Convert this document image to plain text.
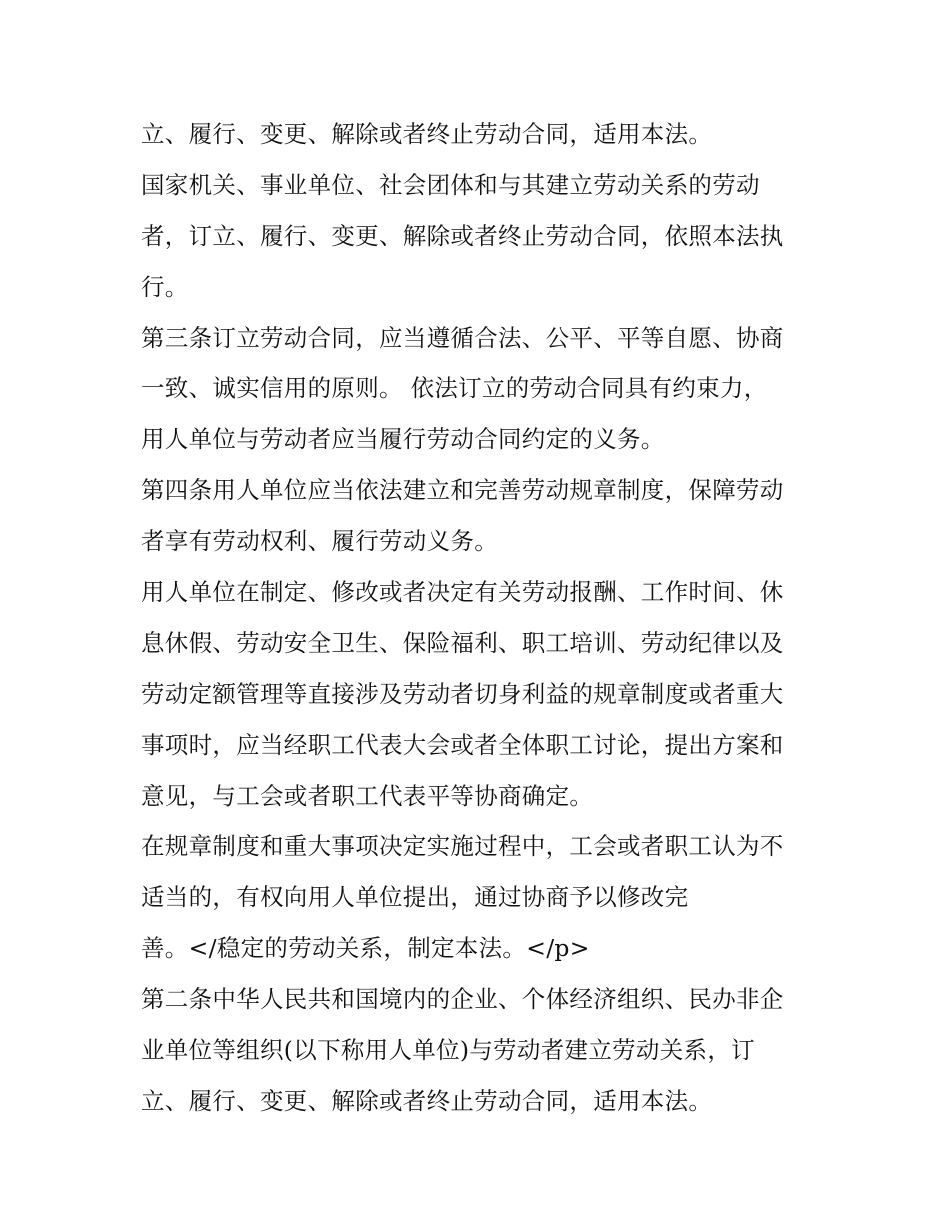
立、履行、变更、解除或者终止劳动合同，适用本法。
国家机关、事业单位、社会团体和与其建立劳动关系的劳动
者，订立、履行、变更、解除或者终止劳动合同，依照本法执
行。
第三条订立劳动合同，应当遵循合法、公平、平等自愿、协商
一致、诚实信用的原则。 依法订立的劳动合同具有约束力，
用人单位与劳动者应当履行劳动合同约定的义务。
第四条用人单位应当依法建立和完善劳动规章制度，保障劳动
者享有劳动权利、履行劳动义务。
用人单位在制定、修改或者决定有关劳动报酬、工作时间、休
息休假、劳动安全卫生、保险福利、职工培训、劳动纪律以及
劳动定额管理等直接涉及劳动者切身利益的规章制度或者重大
事项时，应当经职工代表大会或者全体职工讨论，提出方案和
意见，与工会或者职工代表平等协商确定。
在规章制度和重大事项决定实施过程中，工会或者职工认为不
适当的，有权向用人单位提出，通过协商予以修改完
善。</稳定的劳动关系，制定本法。</p>
第二条中华人民共和国境内的企业、个体经济组织、民办非企
业单位等组织(以下称用人单位)与劳动者建立劳动关系，订
立、履行、变更、解除或者终止劳动合同，适用本法。
